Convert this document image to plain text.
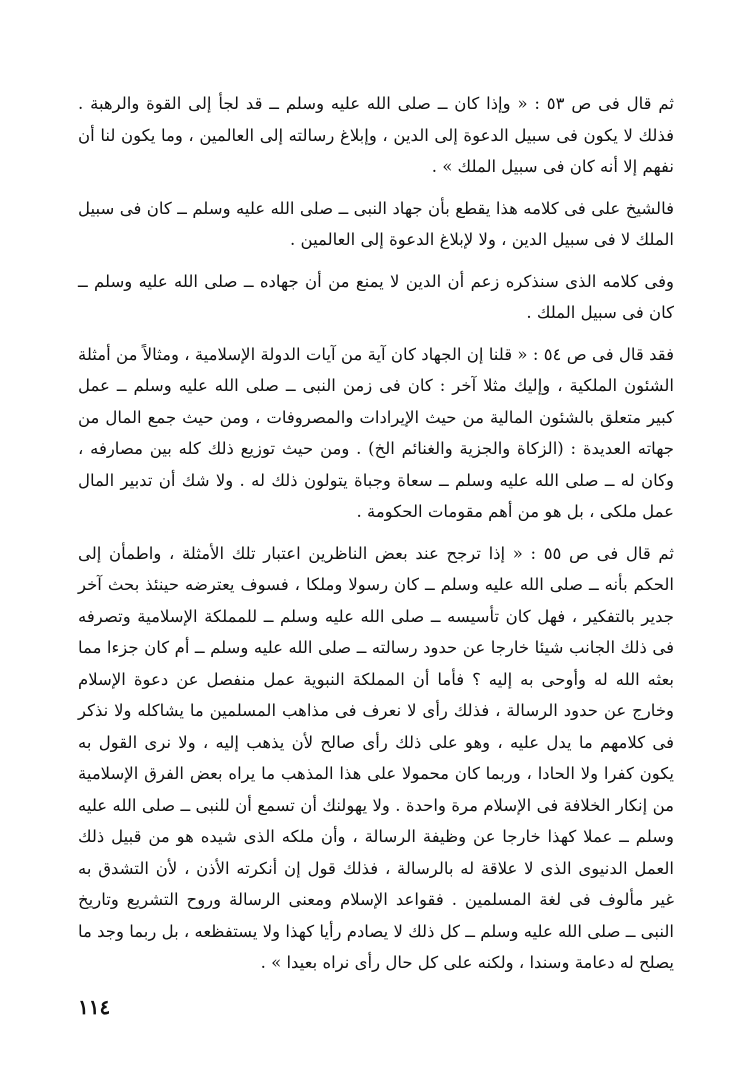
ثم قال فى ص ٥٣ : « وإذا كان ــ صلى الله عليه وسلم ــ قد لجأ إلى القوة والرهبة . فذلك لا يكون فى سبيل الدعوة إلى الدين ، وإبلاغ رسالته إلى العالمين ، وما يكون لنا أن نفهم إلا أنه كان فى سبيل الملك » .

فالشيخ على فى كلامه هذا يقطع بأن جهاد النبى ــ صلى الله عليه وسلم ــ كان فى سبيل الملك لا فى سبيل الدين ، ولا لإبلاغ الدعوة إلى العالمين .

وفى كلامه الذى سنذكره زعم أن الدين لا يمنع من أن جهاده ــ صلى الله عليه وسلم ــ كان فى سبيل الملك .

فقد قال فى ص ٥٤ : « قلنا إن الجهاد كان آية من آيات الدولة الإسلامية ، ومثالاً من أمثلة الشئون الملكية ، وإليك مثلا آخر : كان فى زمن النبى ــ صلى الله عليه وسلم ــ عمل كبير متعلق بالشئون المالية من حيث الإيرادات والمصروفات ، ومن حيث جمع المال من جهاته العديدة : (الزكاة والجزية والغنائم الخ) . ومن حيث توزيع ذلك كله بين مصارفه ، وكان له ــ صلى الله عليه وسلم ــ سعاة وجباة يتولون ذلك له . ولا شك أن تدبير المال عمل ملكى ، بل هو من أهم مقومات الحكومة .

ثم قال فى ص ٥٥ : « إذا ترجح عند بعض الناظرين اعتبار تلك الأمثلة ، واطمأن إلى الحكم بأنه ــ صلى الله عليه وسلم ــ كان رسولا وملكا ، فسوف يعترضه حينئذ بحث آخر جدير بالتفكير ، فهل كان تأسيسه ــ صلى الله عليه وسلم ــ للمملكة الإسلامية وتصرفه فى ذلك الجانب شيئا خارجا عن حدود رسالته ــ صلى الله عليه وسلم ــ أم كان جزءا مما بعثه الله له وأوحى به إليه ؟ فأما أن المملكة النبوية عمل منفصل عن دعوة الإسلام وخارج عن حدود الرسالة ، فذلك رأى لا نعرف فى مذاهب المسلمين ما يشاكله ولا نذكر فى كلامهم ما يدل عليه ، وهو على ذلك رأى صالح لأن يذهب إليه ، ولا نرى القول به يكون كفرا ولا الحادا ، وربما كان محمولا على هذا المذهب ما يراه بعض الفرق الإسلامية من إنكار الخلافة فى الإسلام مرة واحدة . ولا يهولنك أن تسمع أن للنبى ــ صلى الله عليه وسلم ــ عملا كهذا خارجا عن وظيفة الرسالة ، وأن ملكه الذى شيده هو من قبيل ذلك العمل الدنيوى الذى لا علاقة له بالرسالة ، فذلك قول إن أنكرته الأذن ، لأن التشدق به غير مألوف فى لغة المسلمين . فقواعد الإسلام ومعنى الرسالة وروح التشريع وتاريخ النبى ــ صلى الله عليه وسلم ــ كل ذلك لا يصادم رأيا كهذا ولا يستفظعه ، بل ربما وجد ما يصلح له دعامة وسندا ، ولكنه على كل حال رأى نراه بعيدا » .

١١٤
